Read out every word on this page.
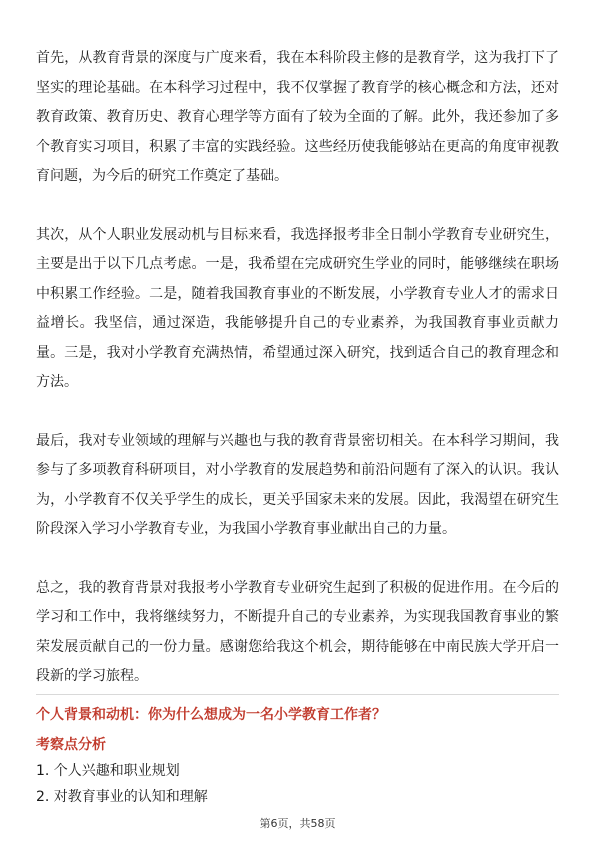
首先，从教育背景的深度与广度来看，我在本科阶段主修的是教育学，这为我打下了坚实的理论基础。在本科学习过程中，我不仅掌握了教育学的核心概念和方法，还对教育政策、教育历史、教育心理学等方面有了较为全面的了解。此外，我还参加了多个教育实习项目，积累了丰富的实践经验。这些经历使我能够站在更高的角度审视教育问题，为今后的研究工作奠定了基础。

其次，从个人职业发展动机与目标来看，我选择报考非全日制小学教育专业研究生，主要是出于以下几点考虑。一是，我希望在完成研究生学业的同时，能够继续在职场中积累工作经验。二是，随着我国教育事业的不断发展，小学教育专业人才的需求日益增长。我坚信，通过深造，我能够提升自己的专业素养，为我国教育事业贡献力量。三是，我对小学教育充满热情，希望通过深入研究，找到适合自己的教育理念和方法。

最后，我对专业领域的理解与兴趣也与我的教育背景密切相关。在本科学习期间，我参与了多项教育科研项目，对小学教育的发展趋势和前沿问题有了深入的认识。我认为，小学教育不仅关乎学生的成长，更关乎国家未来的发展。因此，我渴望在研究生阶段深入学习小学教育专业，为我国小学教育事业献出自己的力量。

总之，我的教育背景对我报考小学教育专业研究生起到了积极的促进作用。在今后的学习和工作中，我将继续努力，不断提升自己的专业素养，为实现我国教育事业的繁荣发展贡献自己的一份力量。感谢您给我这个机会，期待能够在中南民族大学开启一段新的学习旅程。

个人背景和动机：你为什么想成为一名小学教育工作者？
考察点分析
1. 个人兴趣和职业规划
2. 对教育事业的认知和理解
第6页，共58页
